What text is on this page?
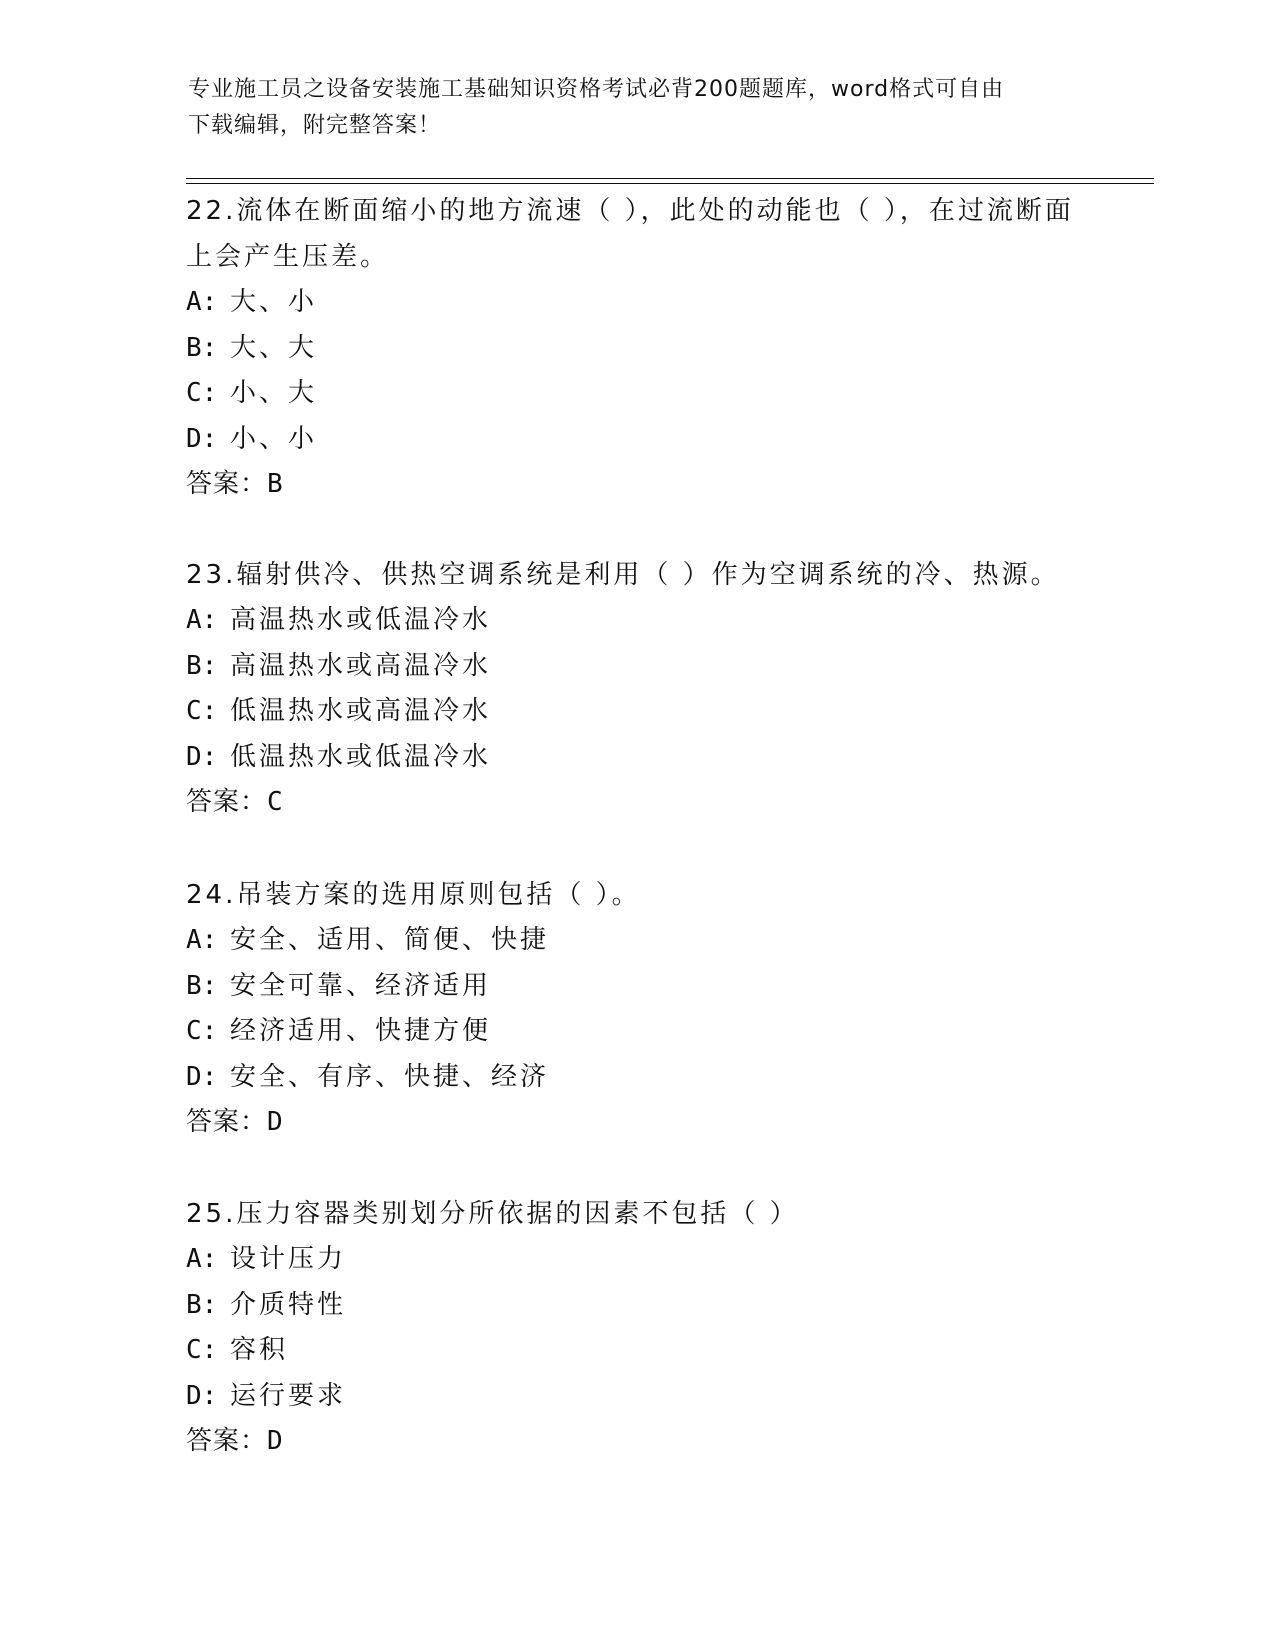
专业施工员之设备安装施工基础知识资格考试必背200题题库，word格式可自由
下载编辑，附完整答案！
22.流体在断面缩小的地方流速（ ），此处的动能也（ ），在过流断面上会产生压差。
A: 大、小
B: 大、大
C: 小、大
D: 小、小
答案：B
23.辐射供冷、供热空调系统是利用（ ）作为空调系统的冷、热源。
A: 高温热水或低温冷水
B: 高温热水或高温冷水
C: 低温热水或高温冷水
D: 低温热水或低温冷水
答案：C
24.吊装方案的选用原则包括（ ）。
A: 安全、适用、简便、快捷
B: 安全可靠、经济适用
C: 经济适用、快捷方便
D: 安全、有序、快捷、经济
答案：D
25.压力容器类别划分所依据的因素不包括（ ）
A: 设计压力
B: 介质特性
C: 容积
D: 运行要求
答案：D
